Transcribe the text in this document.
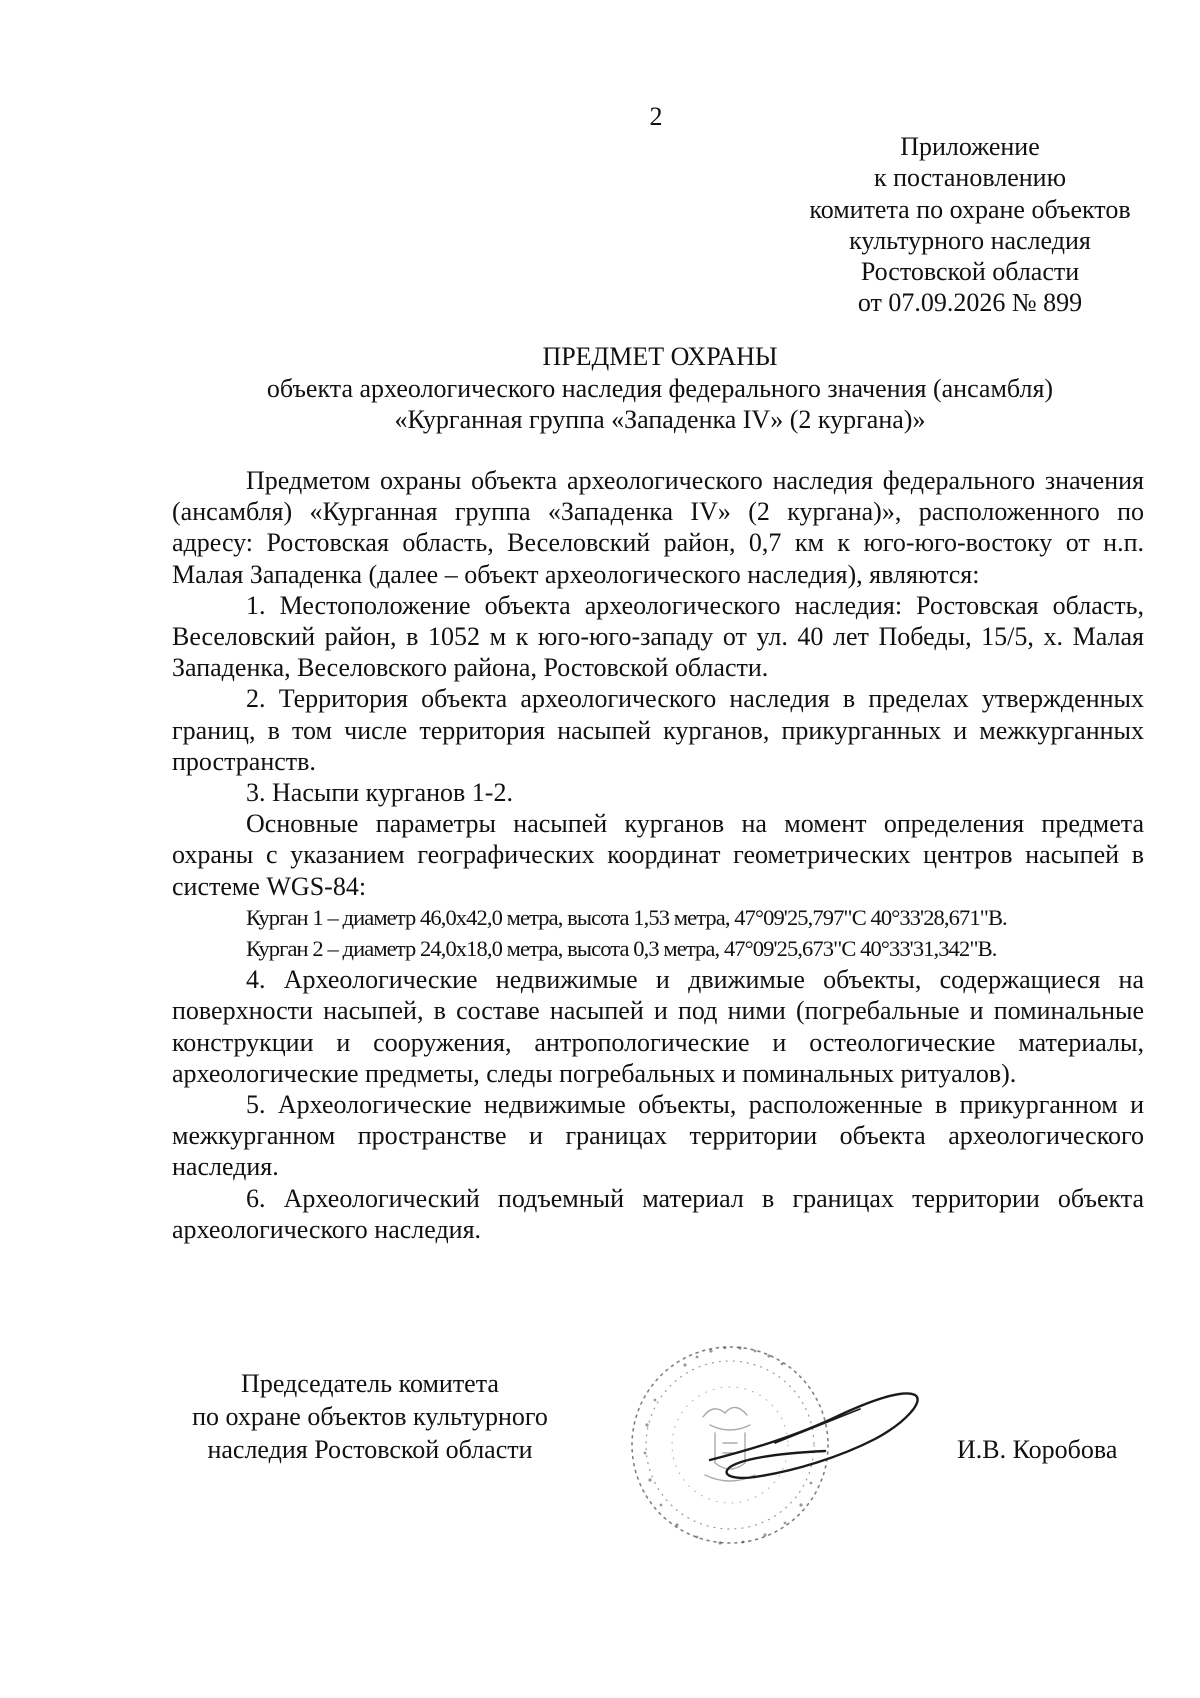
2
Приложение
к постановлению
комитета по охране объектов
культурного наследия
Ростовской области
от 07.09.2026 № 899
ПРЕДМЕТ ОХРАНЫ
объекта археологического наследия федерального значения (ансамбля)
«Курганная группа «Западенка IV» (2 кургана)»

Предметом охраны объекта археологического наследия федерального значения (ансамбля) «Курганная группа «Западенка IV» (2 кургана)», расположенного по адресу: Ростовская область, Веселовский район, 0,7 км к юго-юго-востоку от н.п. Малая Западенка (далее – объект археологического наследия), являются:

1. Местоположение объекта археологического наследия: Ростовская область, Веселовский район, в 1052 м к юго-юго-западу от ул. 40 лет Победы, 15/5, х. Малая Западенка, Веселовского района, Ростовской области.

2. Территория объекта археологического наследия в пределах утвержденных границ, в том числе территория насыпей курганов, прикурганных и межкурганных пространств.

3. Насыпи курганов 1-2.

Основные параметры насыпей курганов на момент определения предмета охраны с указанием географических координат геометрических центров насыпей в системе WGS-84:

Курган 1 – диаметр 46,0х42,0 метра, высота 1,53 метра, 47°09'25,797"С 40°33'28,671"В.

Курган 2 – диаметр 24,0х18,0 метра, высота 0,3 метра, 47°09'25,673"С 40°33'31,342"В.

4. Археологические недвижимые и движимые объекты, содержащиеся на поверхности насыпей, в составе насыпей и под ними (погребальные и поминальные конструкции и сооружения, антропологические и остеологические материалы, археологические предметы, следы погребальных и поминальных ритуалов).

5. Археологические недвижимые объекты, расположенные в прикурганном и межкурганном пространстве и границах территории объекта археологического наследия.

6. Археологический подъемный материал в границах территории объекта археологического наследия.

Председатель комитета
по охране объектов культурного
наследия Ростовской области	И.В. Коробова
